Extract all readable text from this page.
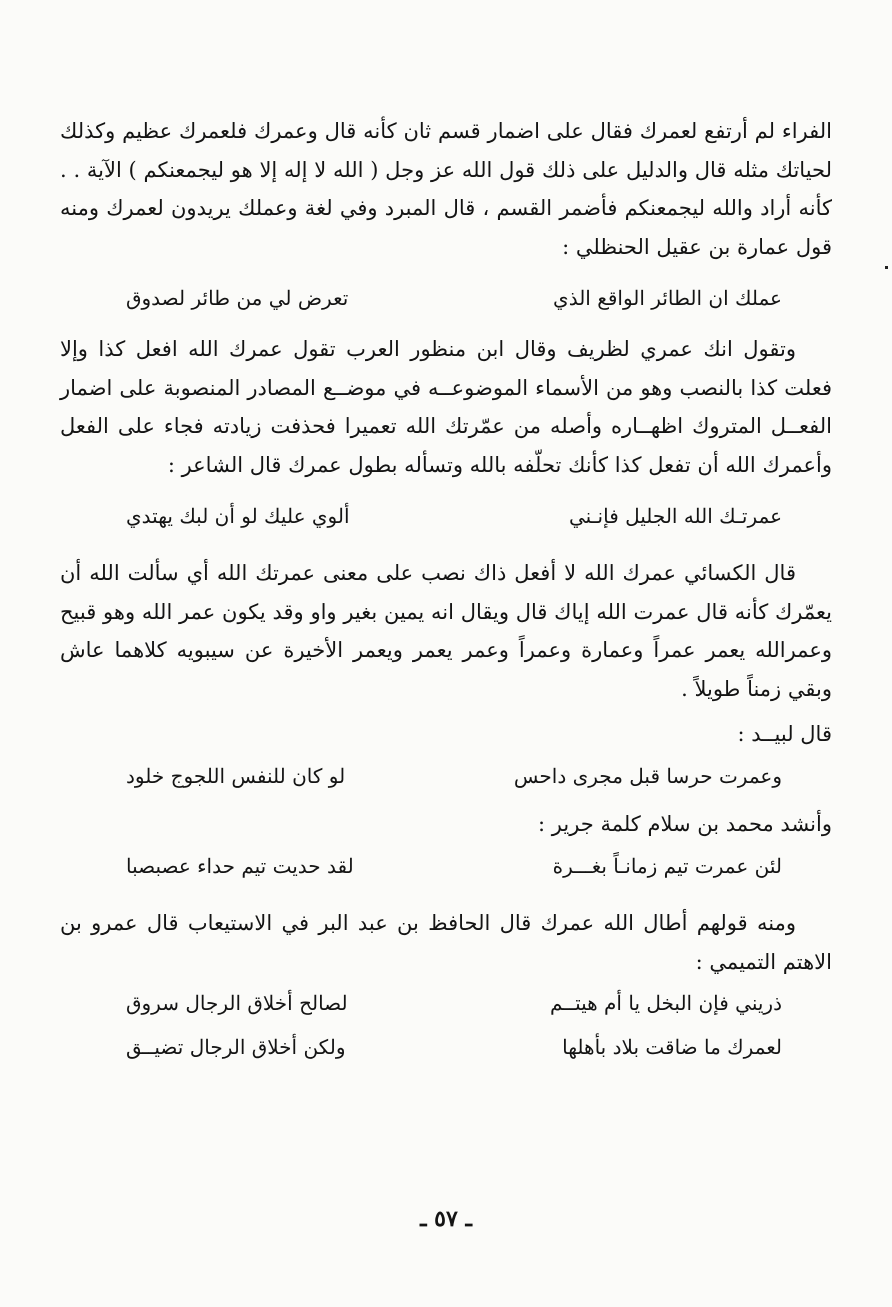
الفراء لم أرتفع لعمرك فقال على اضمار قسم ثان كأنه قال وعمرك فلعمرك عظيم وكذلك لحياتك مثله قال والدليل على ذلك قول الله عز وجل ( الله لا إله إلا هو ليجمعنكم ) الآية . . كأنه أراد والله ليجمعنكم فأضمر القسم ، قال المبرد وفي لغة وعملك يريدون لعمرك ومنه قول عمارة بن عقيل الحنظلي :

عملك ان الطائر الواقع الذي
تعرض لي من طائر لصدوق

وتقول انك عمري لظريف وقال ابن منظور العرب تقول عمرك الله افعل كذا وإلا فعلت كذا بالنصب وهو من الأسماء الموضوعــه في موضــع المصادر المنصوبة على اضمار الفعــل المتروك اظهــاره وأصله من عمّرتك الله تعميرا فحذفت زيادته فجاء على الفعل وأعمرك الله أن تفعل كذا كأنك تحلّفه بالله وتسأله بطول عمرك قال الشاعر :

عمرتـك الله الجليل فإنـني
ألوي عليك لو أن لبك يهتدي

قال الكسائي عمرك الله لا أفعل ذاك نصب على معنى عمرتك الله أي سألت الله أن يعمّرك كأنه قال عمرت الله إياك قال ويقال انه يمين بغير واو وقد يكون عمر الله وهو قبيح وعمرالله يعمر عمراً وعمارة وعمراً وعمر يعمر ويعمر الأخيرة عن سيبويه كلاهما عاش وبقي زمناً طويلاً .

قال لبيــد :
وعمرت حرسا قبل مجرى داحس
لو كان للنفس اللجوج خلود
وأنشد محمد بن سلام كلمة جرير :
لئن عمرت تيم زمانـاً بغـــرة
لقد حديت تيم حداء عصبصبا

ومنه قولهم أطال الله عمرك قال الحافظ بن عبد البر في الاستيعاب قال عمرو بن الاهتم التميمي :

ذريني فإن البخل يا أم هيتــم
لصالح أخلاق الرجال سروق
لعمرك ما ضاقت بلاد بأهلها
ولكن أخلاق الرجال تضيــق
ـ ٥٧ ـ
